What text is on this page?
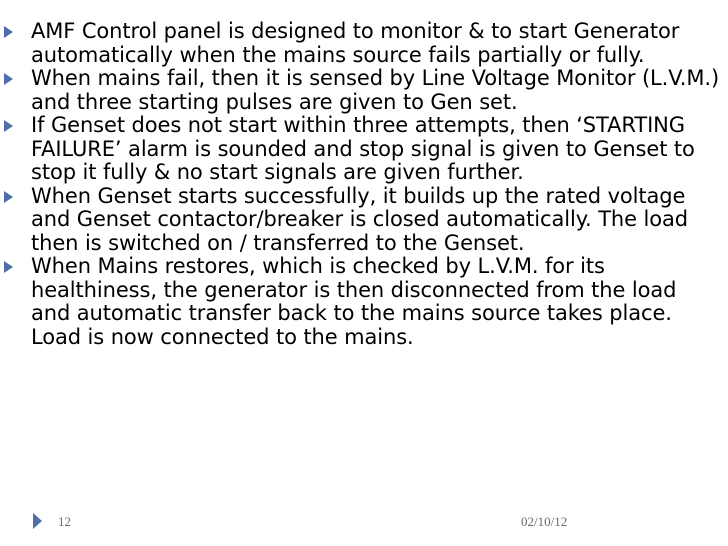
AMF Control panel is designed to monitor & to start Generator automatically when the mains source fails partially or fully.
When mains fail, then it is sensed by Line Voltage Monitor (L.V.M.) and three starting pulses are given to Gen set.
If Genset does not start within three attempts, then ‘STARTING FAILURE’ alarm is sounded and stop signal is given to Genset to stop it fully & no start signals are given further.
When Genset starts successfully, it builds up the rated voltage and Genset contactor/breaker is closed automatically. The load then is switched on / transferred to the Genset.
When Mains restores, which is checked by L.V.M. for its healthiness, the generator is then disconnected from the load and automatic transfer back to the mains source takes place. Load is now connected to the mains.
12	02/10/12
